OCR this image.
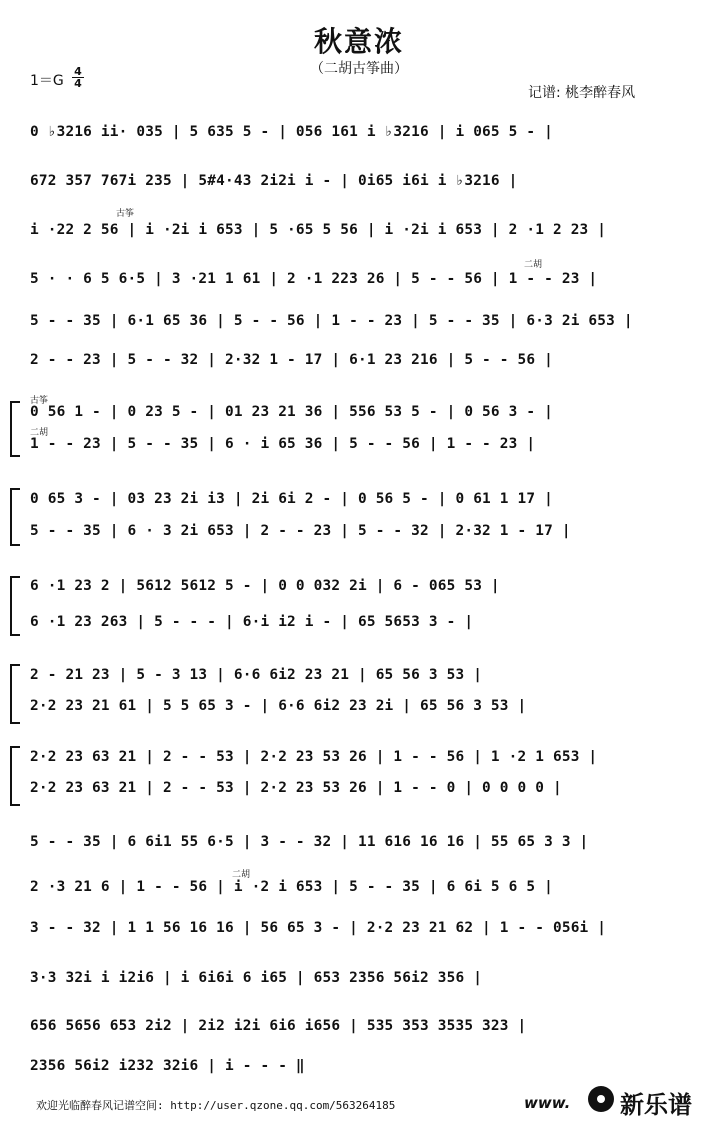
秋意浓
（二胡古筝曲）
1＝G
4
4
记谱: 桃李醉春风
0 ♭3216 ii· 035 | 5 635 5 - | 056 161 i ♭3216 | i 065 5 - |
672 357 767i 235 | 5#4·43 2i2i i - | 0i65 i6i i ♭3216 |
古筝
i ·22 2 56 | i ·2i i 653 | 5 ·65 5 56 | i ·2i i 653 | 2 ·1 2 23 |
二胡
5 · · 6 5 6·5 | 3 ·21 1 61 | 2 ·1 223 26 | 5 - - 56 | 1 - - 23 |
5 - - 35 | 6·1 65 36 | 5 - - 56 | 1 - - 23 | 5 - - 35 | 6·3 2i 653 |
2 - - 23 | 5 - - 32 | 2·32 1 - 17 | 6·1 23 216 | 5 - - 56 |
古筝
0 56 1 - | 0 23 5 - | 01 23 21 36 | 556 53 5 - | 0 56 3 - |
二胡
1 - - 23 | 5 - - 35 | 6 · i 65 36 | 5 - - 56 | 1 - - 23 |
0 65 3 - | 03 23 2i i3 | 2i 6i 2 - | 0 56 5 - | 0 61 1 17 |
5 - - 35 | 6 · 3 2i 653 | 2 - - 23 | 5 - - 32 | 2·32 1 - 17 |
6 ·1 23 2 | 5612 5612 5 - | 0 0 032 2i | 6 - 065 53 |
6 ·1 23 263 | 5 - - - | 6·i i2 i - | 65 5653 3 - |
2 - 21 23 | 5 - 3 13 | 6·6 6i2 23 21 | 65 56 3 53 |
2·2 23 21 61 | 5 5 65 3 - | 6·6 6i2 23 2i | 65 56 3 53 |
2·2 23 63 21 | 2 - - 53 | 2·2 23 53 26 | 1 - - 56 | 1 ·2 1 653 |
2·2 23 63 21 | 2 - - 53 | 2·2 23 53 26 | 1 - - 0 | 0 0 0 0 |
5 - - 35 | 6 6i1 55 6·5 | 3 - - 32 | 11 616 16 16 | 55 65 3 3 |
二胡
2 ·3 21 6 | 1 - - 56 | i ·2 i 653 | 5 - - 35 | 6 6i 5 6 5 |
3 - - 32 | 1 1 56 16 16 | 56 65 3 - | 2·2 23 21 62 | 1 - - 056i |
3·3 32i i i2i6 | i 6i6i 6 i65 | 653 2356 56i2 356 |
656 5656 653 2i2 | 2i2 i2i 6i6 i656 | 535 353 3535 323 |
2356 56i2 i232 32i6 | i - - - ‖
欢迎光临醉春风记谱空间: http://user.qzone.qq.com/563264185	www. 新乐谱
